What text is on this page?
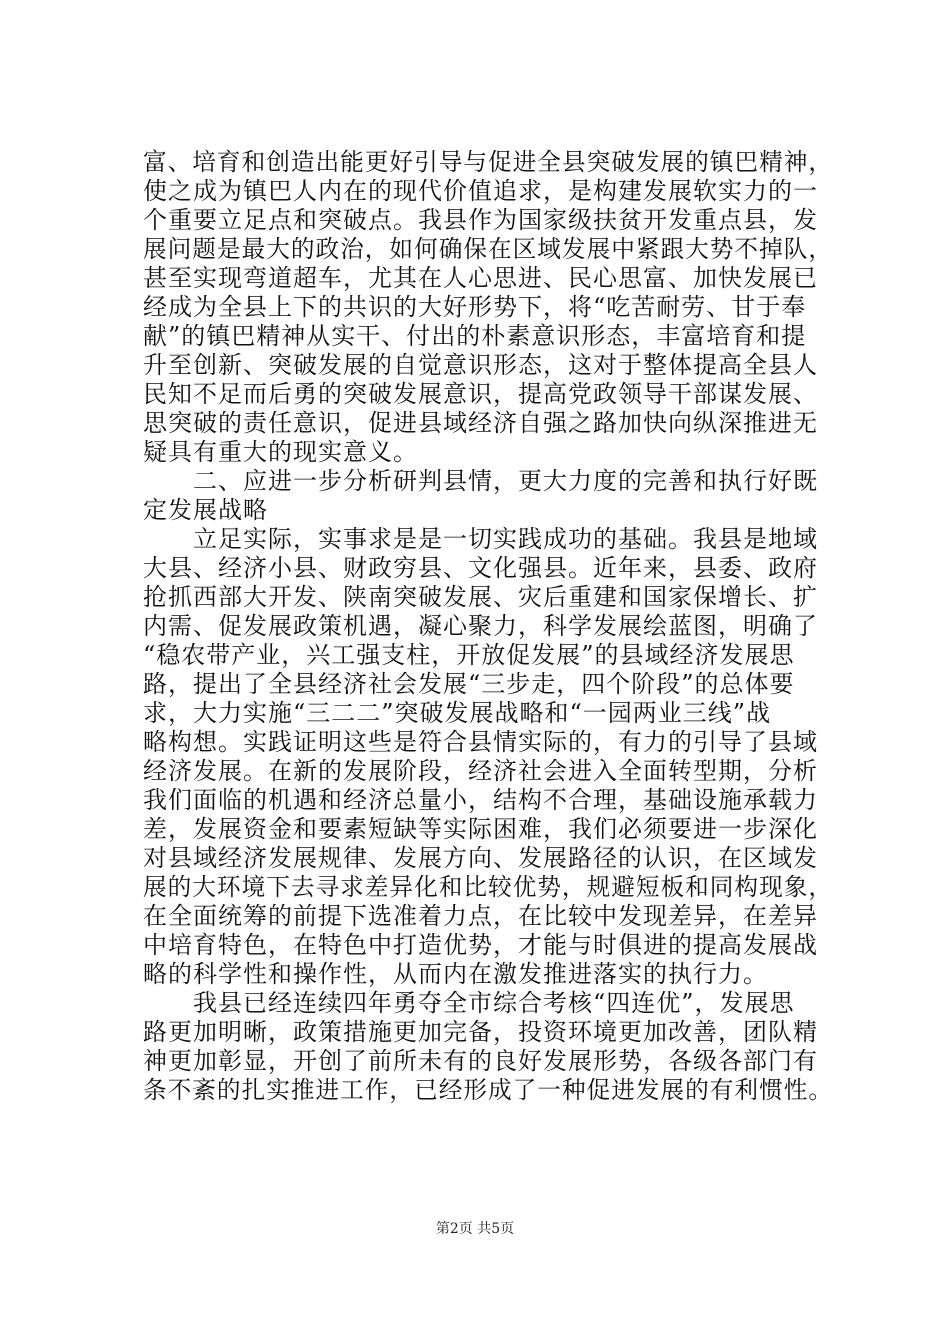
富、培育和创造出能更好引导与促进全县突破发展的镇巴精神，
使之成为镇巴人内在的现代价值追求，是构建发展软实力的一
个重要立足点和突破点。我县作为国家级扶贫开发重点县，发
展问题是最大的政治，如何确保在区域发展中紧跟大势不掉队，
甚至实现弯道超车，尤其在人心思进、民心思富、加快发展已
经成为全县上下的共识的大好形势下，将“吃苦耐劳、甘于奉
献”的镇巴精神从实干、付出的朴素意识形态，丰富培育和提
升至创新、突破发展的自觉意识形态，这对于整体提高全县人
民知不足而后勇的突破发展意识，提高党政领导干部谋发展、
思突破的责任意识，促进县域经济自强之路加快向纵深推进无
疑具有重大的现实意义。
　　二、应进一步分析研判县情，更大力度的完善和执行好既
定发展战略
　　立足实际，实事求是是一切实践成功的基础。我县是地域
大县、经济小县、财政穷县、文化强县。近年来，县委、政府
抢抓西部大开发、陕南突破发展、灾后重建和国家保增长、扩
内需、促发展政策机遇，凝心聚力，科学发展绘蓝图，明确了
“稳农带产业，兴工强支柱，开放促发展”的县域经济发展思
路，提出了全县经济社会发展“三步走，四个阶段”的总体要
求，大力实施“三二二”突破发展战略和“一园两业三线”战
略构想。实践证明这些是符合县情实际的，有力的引导了县域
经济发展。在新的发展阶段，经济社会进入全面转型期，分析
我们面临的机遇和经济总量小，结构不合理，基础设施承载力
差，发展资金和要素短缺等实际困难，我们必须要进一步深化
对县域经济发展规律、发展方向、发展路径的认识，在区域发
展的大环境下去寻求差异化和比较优势，规避短板和同构现象，
在全面统筹的前提下选准着力点，在比较中发现差异，在差异
中培育特色，在特色中打造优势，才能与时俱进的提高发展战
略的科学性和操作性，从而内在激发推进落实的执行力。
　　我县已经连续四年勇夺全市综合考核“四连优”，发展思
路更加明晰，政策措施更加完备，投资环境更加改善，团队精
神更加彰显，开创了前所未有的良好发展形势，各级各部门有
条不紊的扎实推进工作，已经形成了一种促进发展的有利惯性。
第2页 共5页
